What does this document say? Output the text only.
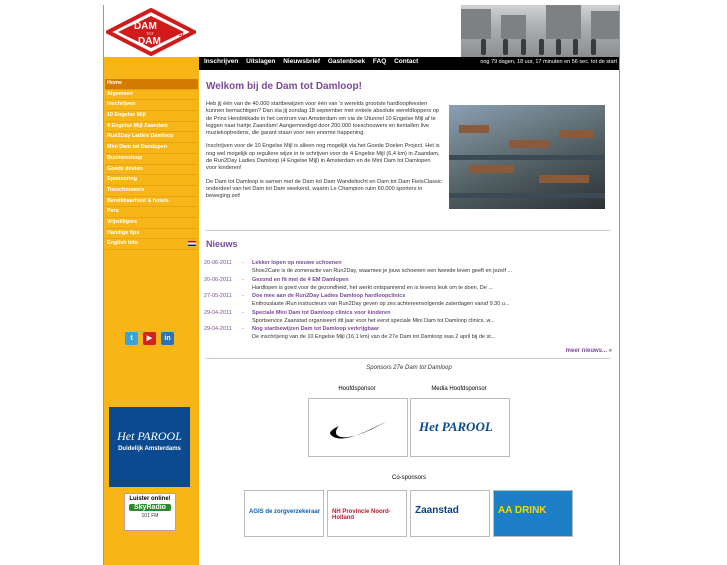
DAM
TOT
DAM
LOOP '11
Inschrijven Uitslagen Nieuwsbrief Gastenboek FAQ Contact	nog 79 dagen, 18 uur, 17 minuten en 56 sec. tot de start
Home
Algemeen
Inschrijven
10 Engelse Mijl
4 Engelse Mijl Zaandam
Run2Day Ladies Damloop
Mini Dam tot Damlopen
Businessloop
Goede doelen
Sponsoring
Toeschouwers
Bereikbaarheid & hotels
Pers
Vrijwilligers
Handige tips
English info
t	▶	in
Het PAROOL
Duidelijk Amsterdams
Luister online!
SkyRadio
101 FM
Welkom bij de Dam tot Damloop!

Heb jij één van de 40.000 startbewijzen voor één van 's werelds grootste hardloopfeesten kunnen bemachtigen? Dan sta jij zondag 18 september met enkele absolute wereldtoppers op de Prins Hendrikkade in het centrum van Amsterdam om via de IJtunnel 10 Engelse Mijl af te leggen naar hartje Zaandam! Aangemoedigd door 200.000 toeschouwers en tientallen live muziekoptredens, die garant staan voor een enorme happening.

Inschrijven voor de 10 Engelse Mijl is alleen nog mogelijk via het Goede Doelen Project. Het is nog wel mogelijk op reguliere wijze in te schrijven voor de 4 Engelse Mijl (6,4 km) in Zaandam, de Run2Day Ladies Damloop (4 Engelse Mijl) in Amsterdam en de Mini Dam tot Damlopen voor kinderen!

De Dam tot Damloop is samen met de Dam tot Dam Wandeltocht en Dam tot Dam FietsClassic onderdeel van het Dam tot Dam weekend, waarin Le Champion ruim 60.000 sporters in beweging zet!

Nieuws
20-06-2011 - Lekker lopen op nieuwe schoenen
Shoe2Care is de zomeractie van Run2Day, waarmee je jouw schoenen een tweede leven geeft en jezelf ...
20-06-2011 - Gezond en fit met de 4 EM Damlopen
Hardlopen is goed voor de gezondheid, het werkt ontspannend en is tevens leuk om te doen. De ...
27-05-2011 - Doe mee aan de Run2Day Ladies Damloop hardloopclinics
Enthousiaste iRun instructeurs van Run2Day geven op zes achtereenvolgende zaterdagen vanaf 9.30 u...
29-04-2011 - Speciale Mini Dam tot Damloop clinics voor kinderen
Sportservice Zaanstad organiseert dit jaar voor het eerst speciale Mini Dam tot Damloop clinics, w...
29-04-2011 - Nog startbewijzen Dam tot Damloop verkrijgbaar
De inschrijving van de 10 Engelse Mijl (16,1 km) van de 27e Dam tot Damloop was 2 april bij de st...
meer nieuws... »
Sponsors 27e Dam tot Damloop
Hoofdsponsor	Media Hoofdsponsor
Het PAROOL
Co-sponsors
AGIS de zorgverzekeraar NH Provincie Noord-Holland
Zaanstad	AA DRINK
